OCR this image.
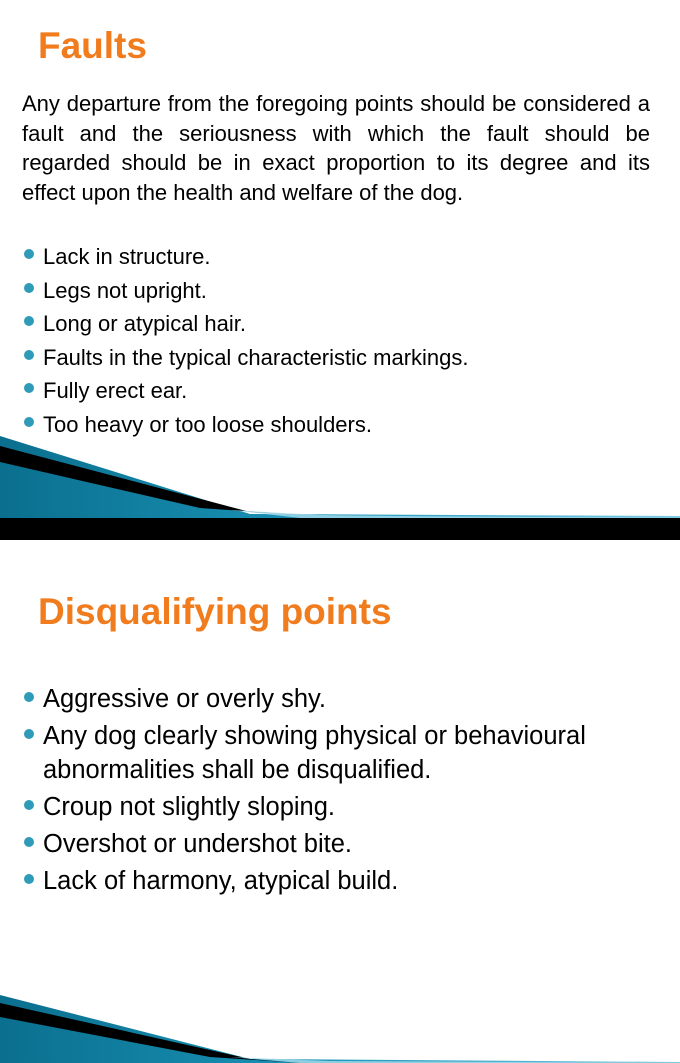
Faults

Any departure from the foregoing points should be considered a fault and the seriousness with which the fault should be regarded should be in exact proportion to its degree and its effect upon the health and welfare of the dog.

Lack in structure.
Legs not upright.
Long or atypical hair.
Faults in the typical characteristic markings.
Fully erect ear.
Too heavy or too loose shoulders.
Disqualifying points
Aggressive or overly shy.
Any dog clearly showing physical or behavioural abnormalities shall be disqualified.
Croup not slightly sloping.
Overshot or undershot bite.
Lack of harmony, atypical build.
